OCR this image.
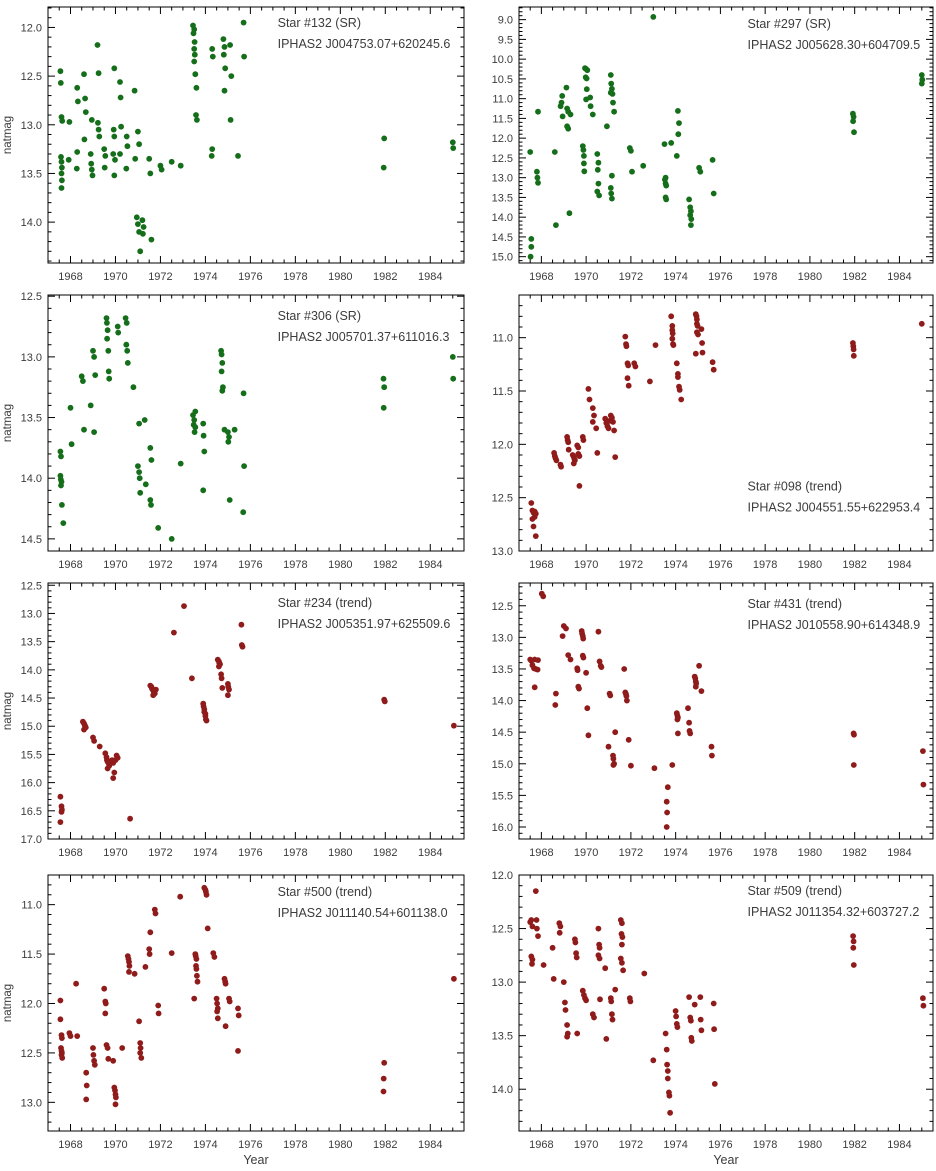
1968 1970 1972 1974 1976 1978 1980 1982 1984
12.0
12.5
13.0
13.5
14.0
Star #132 (SR)
IPHAS2 J004753.07+620245.6
natmag
1968 1970 1972 1974 1976 1978 1980 1982 1984
9.0
9.5
10.0
10.5
11.0
11.5
12.0
12.5
13.0
13.5
14.0
14.5
15.0
Star #297 (SR)
IPHAS2 J005628.30+604709.5
1968 1970 1972 1974 1976 1978 1980 1982 1984
12.5
13.0
13.5
14.0
14.5
Star #306 (SR)
IPHAS2 J005701.37+611016.3
natmag
1968 1970 1972 1974 1976 1978 1980 1982 1984
11.0
11.5
12.0
12.5
13.0
Star #098 (trend)
IPHAS2 J004551.55+622953.4
1968 1970 1972 1974 1976 1978 1980 1982 1984
12.5
13.0
13.5
14.0
14.5
15.0
15.5
16.0
16.5
17.0
Star #234 (trend)
IPHAS2 J005351.97+625509.6
natmag
1968 1970 1972 1974 1976 1978 1980 1982 1984
12.5
13.0
13.5
14.0
14.5
15.0
15.5
16.0
Star #431 (trend)
IPHAS2 J010558.90+614348.9
1968 1970 1972 1974 1976 1978 1980 1982 1984
11.0
11.5
12.0
12.5
13.0
Star #500 (trend)
IPHAS2 J011140.54+601138.0
natmag
Year
1968 1970 1972 1974 1976 1978 1980 1982 1984
12.0
12.5
13.0
13.5
14.0
Star #509 (trend)
IPHAS2 J011354.32+603727.2
Year
